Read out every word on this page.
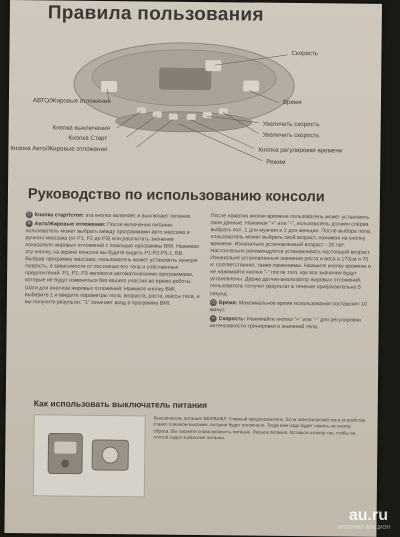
Правила пользования
Скорость
Время
АВТО/Жировые отложения
Кнопка выключения
Кнопка Старт
Кнопка Авто/Жировые отложения
Увеличить скорость
Увеличить скорость
Кнопка регулировки времени
Режим
Руководство по использованию консоли

⏻ Кнопка старт/стоп: эта кнопка включает и выключает питание.

A Авто/Жировые отложения: После включения питания пользователь может выбрать между программами авто массажа и ручного массажа (от P1, P2 до P3) или рассчитать значение показателя жировых отложений с помощью программы BMI. Нажимая эту кнопку, на экране консоли вы будете видеть P1-P2-P3-1, BB. Выбрав программу массажа, пользователь может установить нужную скорость, в зависимости от состояния его тела и собственных предпочтений. P1, P2, P3 являются автоматическими программами, которые не будут изменяться без вашего участия во время работы.

Шаги для анализа жировых отложений: Нажмите кнопку BMI, выберите 1 и введите параметры пола, возраста, роста, массы тела, и вы получите результат. "1" означает вход в программу BMI.

После нажатия кнопки времени пользователь может установить свои данные. Нажимая "+" или "-", пользователь должен сперва выбрать пол. 1 для мужчин и 2 для женщин. После выбора пола, пользователь может выбрать свой возраст, нажимая на кнопку времени. Изначально установленный возраст - 20 лет. Настоятельно рекомендуется устанавливать настоящий возраст. Изначально установленные значения роста и веса в 170см и 70 кг соответственно, также изменяемы. Нажмите кнопку времени и не нажимайте кнопки "-" после того, как все значения будут установлены. Держа датчик-анализатор жировых отложений, пользователь получит результат в течение приблизительно 5 секунд.

◷ Время: Максимальное время использования составляет 10 минут.

» Скорость: Нажимайте кнопки "+" или "-" для регулировки интенсивности тренировки и значений тела.

Как использовать выключатель питания
Выключатель питания: ВКЛ/ВЫКЛ. Главный предохранитель: Если электрический ток в устройстве станет слишком высоким, питание будет отключено. Тогда вам надо будет нажать на кнопку сброса, Вы сможете снова включить питание. Разъем питания: Вставьте штекер так, чтобы он плотно сидел в разъеме питания.
au.ru
ИНТЕРНЕТ-АУКЦИОН
